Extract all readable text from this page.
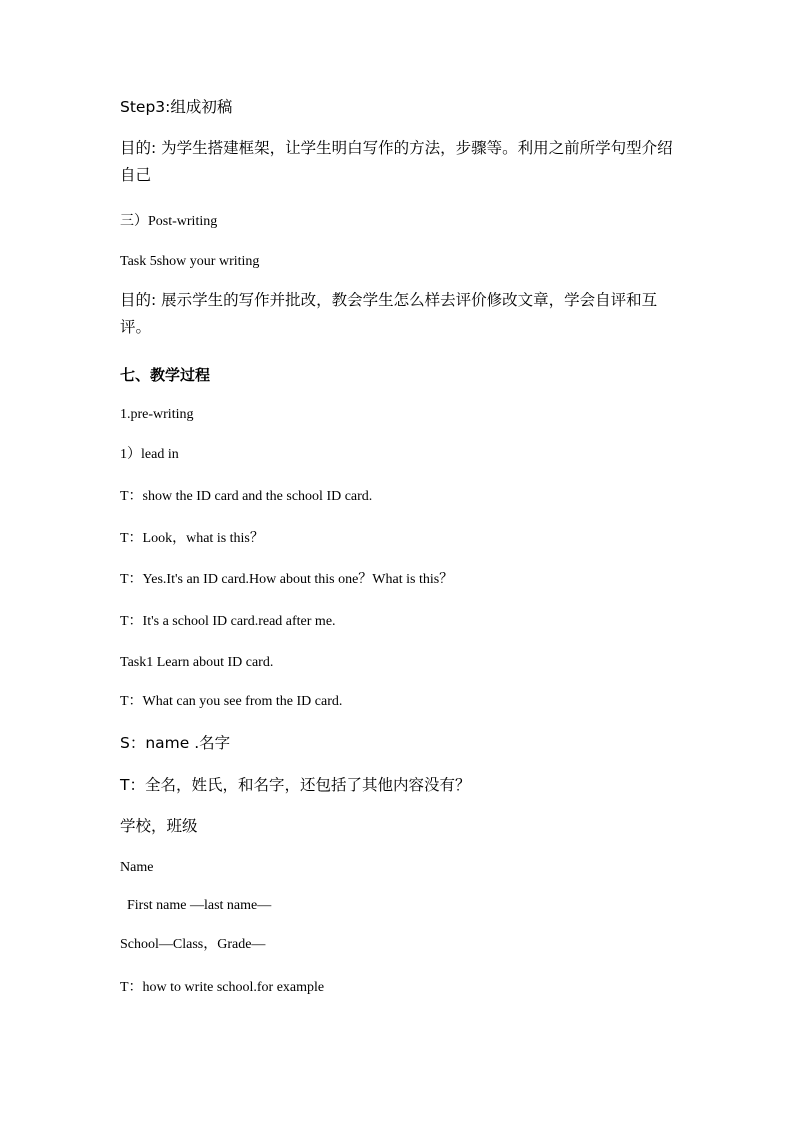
Step3:组成初稿
目的: 为学生搭建框架，让学生明白写作的方法，步骤等。利用之前所学句型介绍自己
三）Post-writing
Task 5show your writing
目的: 展示学生的写作并批改，教会学生怎么样去评价修改文章，学会自评和互评。
七、教学过程
1.pre-writing
1）lead in
T：show the ID card and the school ID card.
T：Look，what is this？
T：Yes.It's an ID card.How about this one？What is this？
T：It's a school ID card.read after me.
Task1 Learn about ID card.
T：What can you see from the ID card.
S：name .名字
T：全名，姓氏，和名字，还包括了其他内容没有？
学校，班级
Name
First name —last name—
School—Class，Grade—
T：how to write school.for example
